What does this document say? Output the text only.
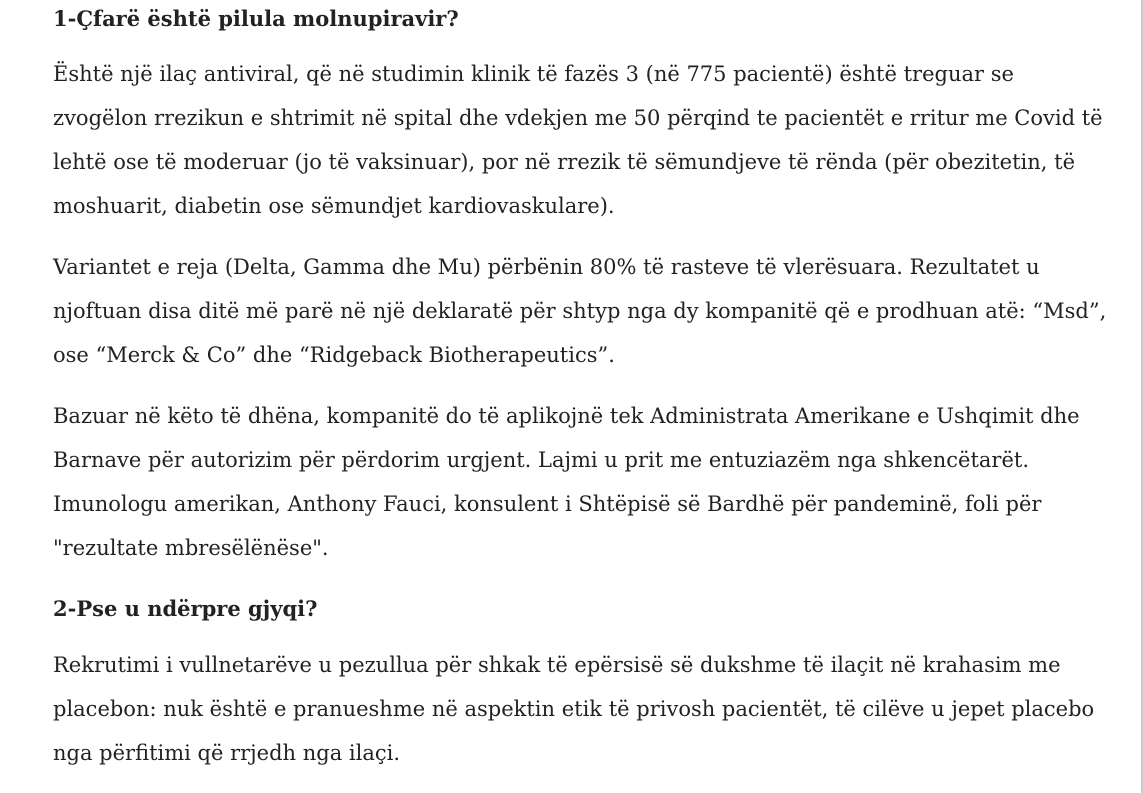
1-Çfarë është pilula molnupiravir?

Është një ilaç antiviral, që në studimin klinik të fazës 3 (në 775 pacientë) është treguar se zvogëlon rrezikun e shtrimit në spital dhe vdekjen me 50 përqind te pacientët e rritur me Covid të lehtë ose të moderuar (jo të vaksinuar), por në rrezik të sëmundjeve të rënda (për obezitetin, të moshuarit, diabetin ose sëmundjet kardiovaskulare).

Variantet e reja (Delta, Gamma dhe Mu) përbënin 80% të rasteve të vlerësuara. Rezultatet u njoftuan disa ditë më parë në një deklaratë për shtyp nga dy kompanitë që e prodhuan atë: “Msd”, ose “Merck & Co” dhe “Ridgeback Biotherapeutics”.

Bazuar në këto të dhëna, kompanitë do të aplikojnë tek Administrata Amerikane e Ushqimit dhe Barnave për autorizim për përdorim urgjent. Lajmi u prit me entuziazëm nga shkencëtarët. Imunologu amerikan, Anthony Fauci, konsulent i Shtëpisë së Bardhë për pandeminë, foli për "rezultate mbresëlënëse".

2-Pse u ndërpre gjyqi?

Rekrutimi i vullnetarëve u pezullua për shkak të epërsisë së dukshme të ilaçit në krahasim me placebon: nuk është e pranueshme në aspektin etik të privosh pacientët, të cilëve u jepet placebo nga përfitimi që rrjedh nga ilaçi.
